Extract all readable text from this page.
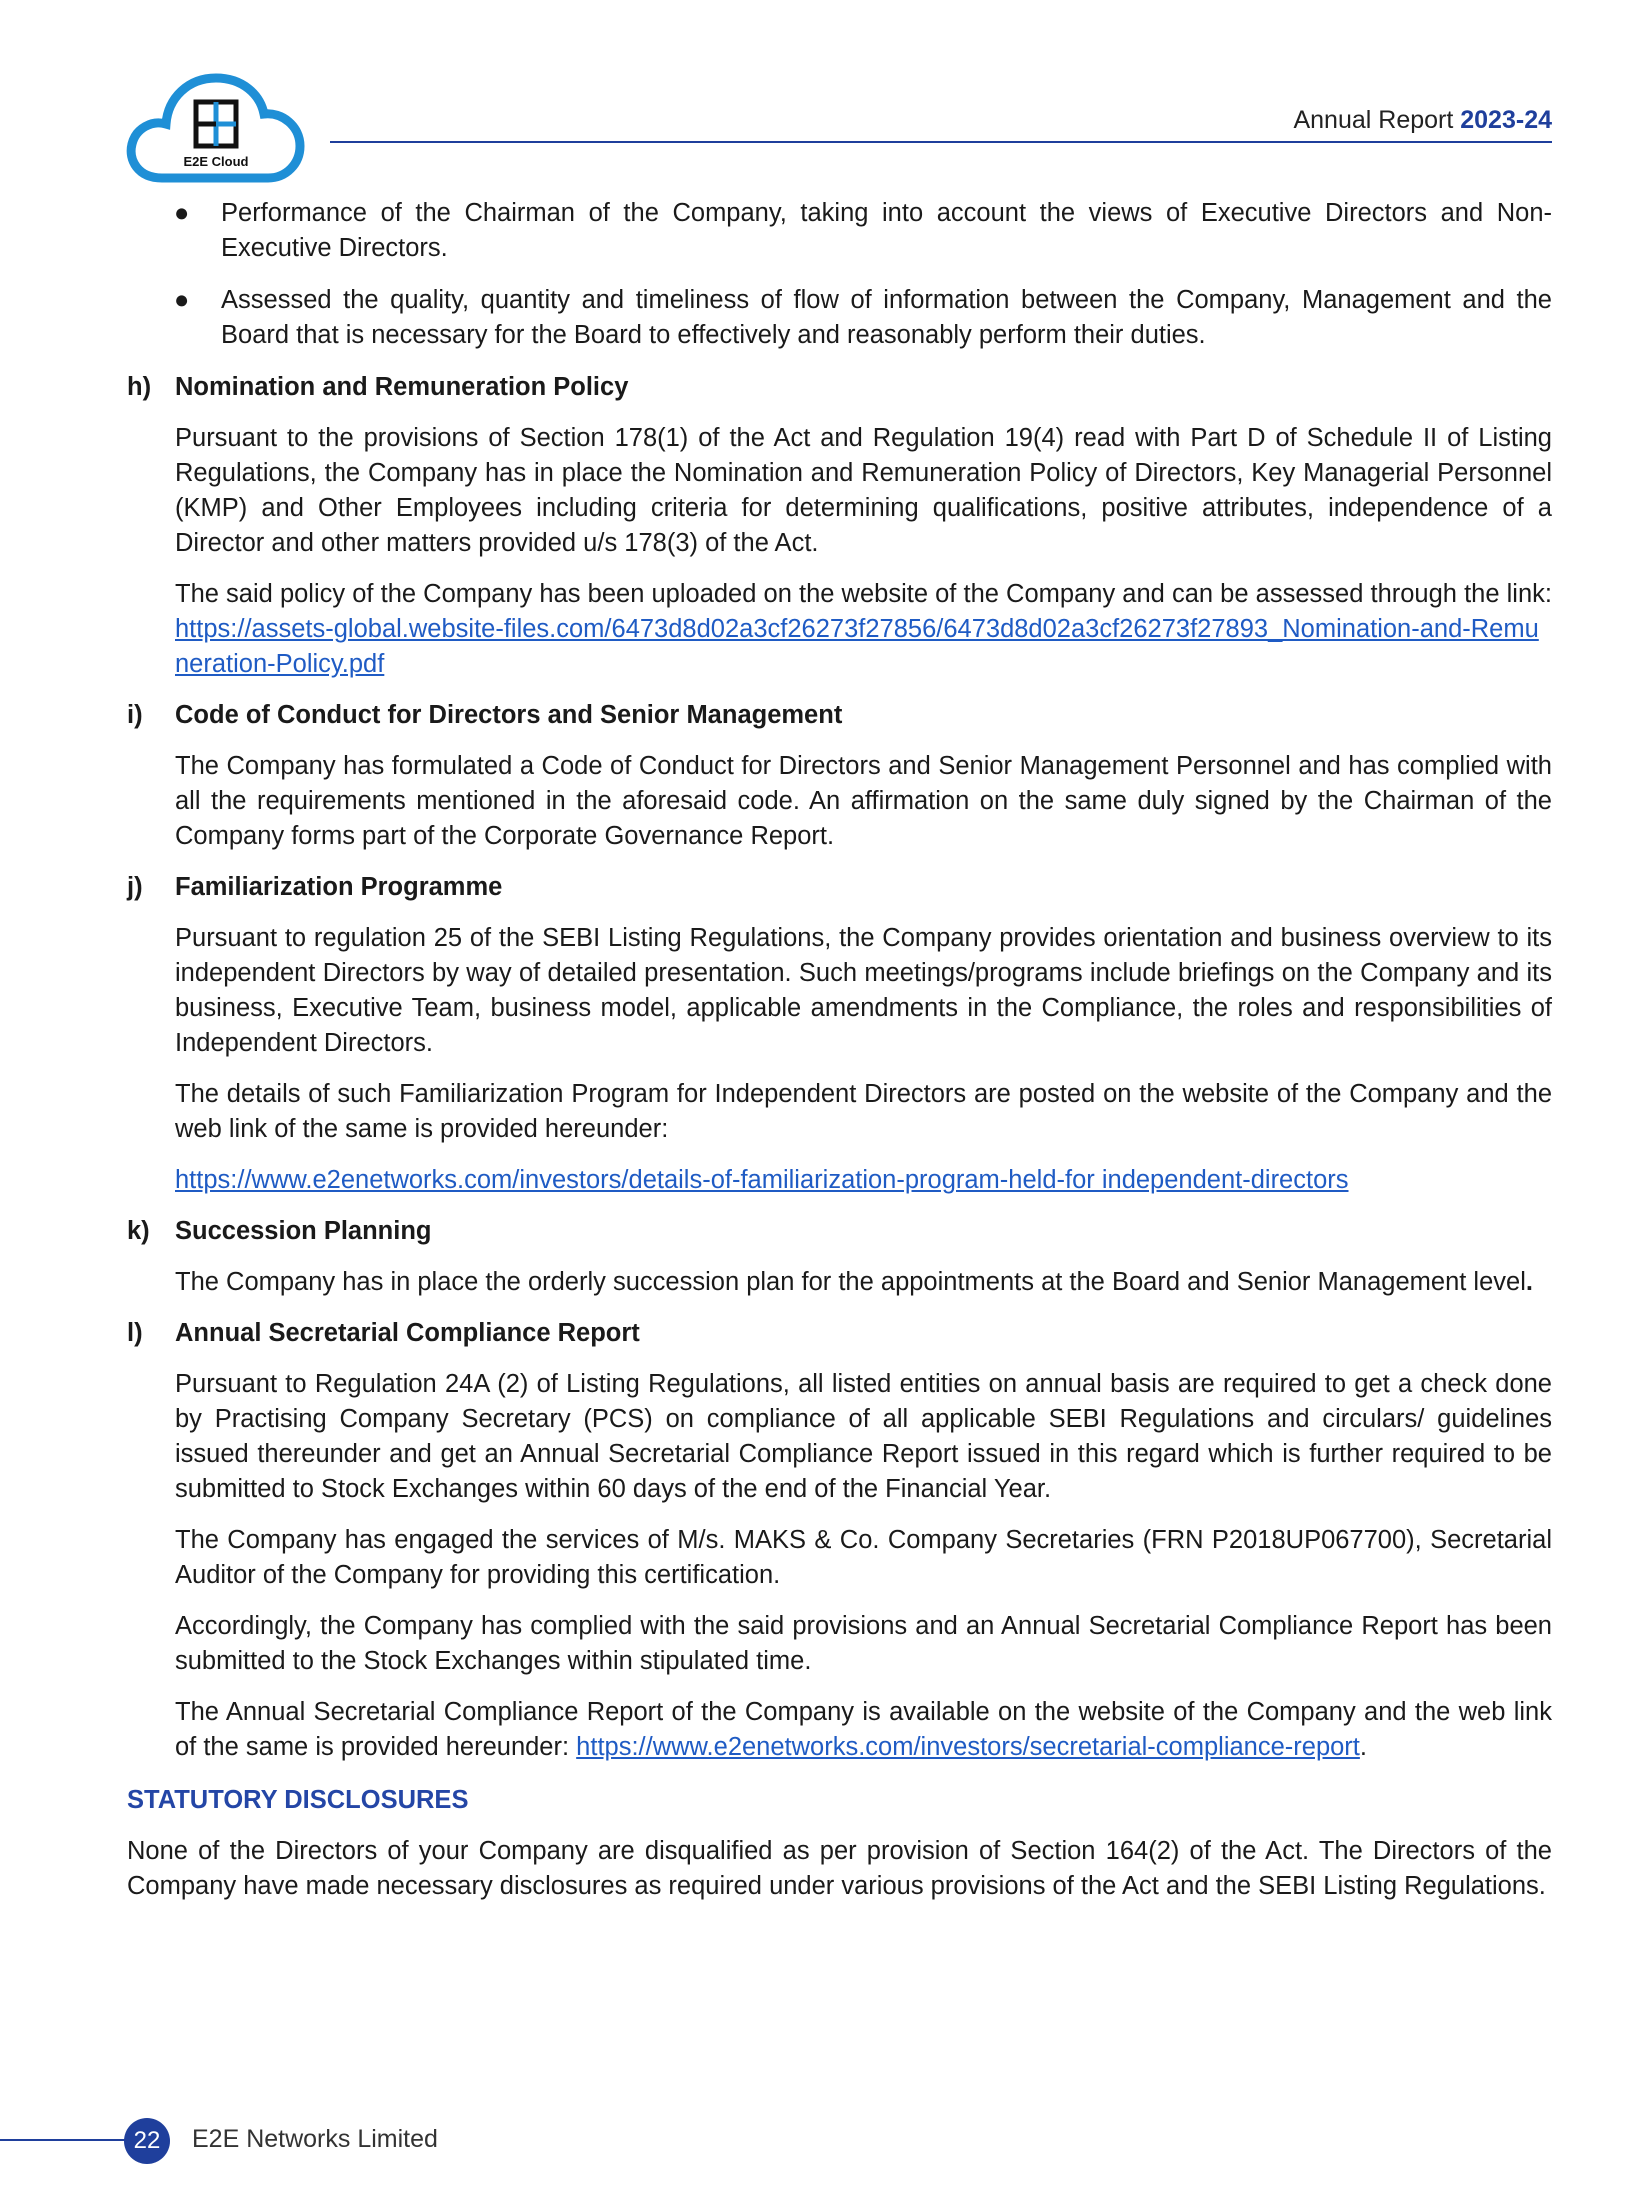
E2E Cloud
Annual Report 2023-24
● Performance of the Chairman of the Company, taking into account the views of Executive Directors and Non-Executive Directors.
● Assessed the quality, quantity and timeliness of flow of information between the Company, Management and the Board that is necessary for the Board to effectively and reasonably perform their duties.
h) Nomination and Remuneration Policy

Pursuant to the provisions of Section 178(1) of the Act and Regulation 19(4) read with Part D of Schedule II of Listing Regulations, the Company has in place the Nomination and Remuneration Policy of Directors, Key Managerial Personnel (KMP) and Other Employees including criteria for determining qualifications, positive attributes, independence of a Director and other matters provided u/s 178(3) of the Act.

The said policy of the Company has been uploaded on the website of the Company and can be assessed through the link: https://assets-global.website-files.com/6473d8d02a3cf26273f27856/6473d8d02a3cf26273f27893_Nomination-and-Remuneration-Policy.pdf

i) Code of Conduct for Directors and Senior Management

The Company has formulated a Code of Conduct for Directors and Senior Management Personnel and has complied with all the requirements mentioned in the aforesaid code. An affirmation on the same duly signed by the Chairman of the Company forms part of the Corporate Governance Report.

j) Familiarization Programme

Pursuant to regulation 25 of the SEBI Listing Regulations, the Company provides orientation and business overview to its independent Directors by way of detailed presentation. Such meetings/programs include briefings on the Company and its business, Executive Team, business model, applicable amendments in the Compliance, the roles and responsibilities of Independent Directors.

The details of such Familiarization Program for Independent Directors are posted on the website of the Company and the web link of the same is provided hereunder:

https://www.e2enetworks.com/investors/details-of-familiarization-program-held-for independent-directors

k) Succession Planning

The Company has in place the orderly succession plan for the appointments at the Board and Senior Management level.

l) Annual Secretarial Compliance Report

Pursuant to Regulation 24A (2) of Listing Regulations, all listed entities on annual basis are required to get a check done by Practising Company Secretary (PCS) on compliance of all applicable SEBI Regulations and circulars/ guidelines issued thereunder and get an Annual Secretarial Compliance Report issued in this regard which is further required to be submitted to Stock Exchanges within 60 days of the end of the Financial Year.

The Company has engaged the services of M/s. MAKS & Co. Company Secretaries (FRN P2018UP067700), Secretarial Auditor of the Company for providing this certification.

Accordingly, the Company has complied with the said provisions and an Annual Secretarial Compliance Report has been submitted to the Stock Exchanges within stipulated time.

The Annual Secretarial Compliance Report of the Company is available on the website of the Company and the web link of the same is provided hereunder: https://www.e2enetworks.com/investors/secretarial-compliance-report.

STATUTORY DISCLOSURES

None of the Directors of your Company are disqualified as per provision of Section 164(2) of the Act. The Directors of the Company have made necessary disclosures as required under various provisions of the Act and the SEBI Listing Regulations.

22	E2E Networks Limited
